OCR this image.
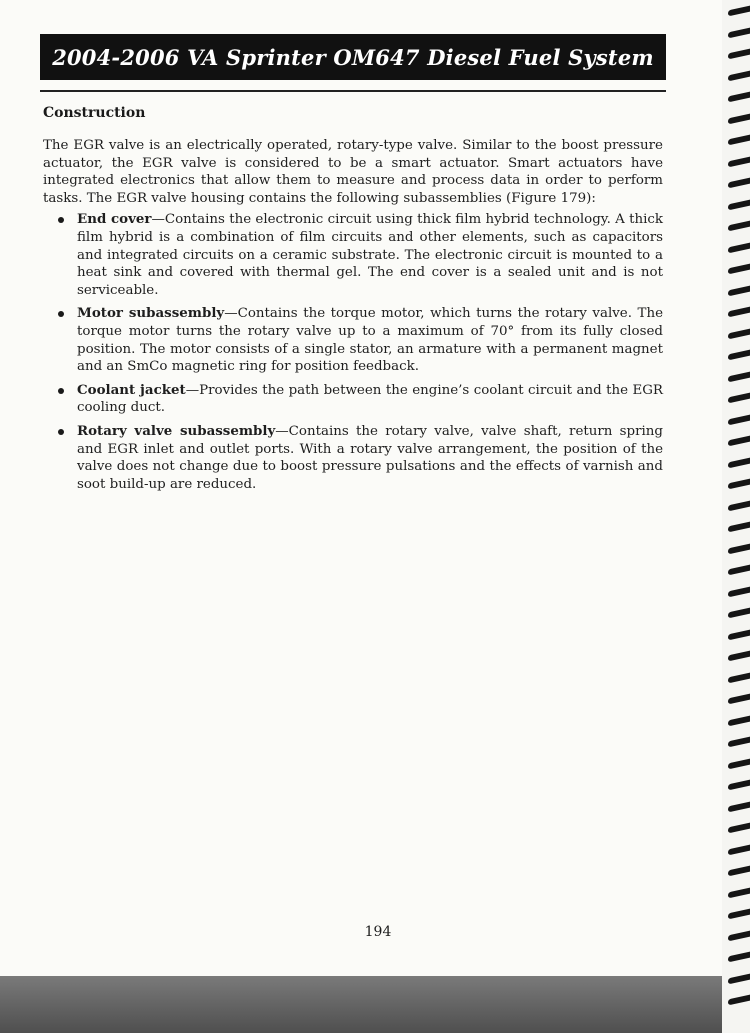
2004-2006 VA Sprinter OM647 Diesel Fuel System
Construction

The EGR valve is an electrically operated, rotary-type valve. Similar to the boost pressure actuator, the EGR valve is considered to be a smart actuator. Smart actuators have integrated electronics that allow them to measure and process data in order to perform tasks. The EGR valve housing contains the following subassemblies (Figure 179):

End cover—Contains the electronic circuit using thick film hybrid technology. A thick film hybrid is a combination of film circuits and other elements, such as capacitors and integrated circuits on a ceramic substrate. The electronic circuit is mounted to a heat sink and covered with thermal gel. The end cover is a sealed unit and is not serviceable.
Motor subassembly—Contains the torque motor, which turns the rotary valve. The torque motor turns the rotary valve up to a maximum of 70° from its fully closed position. The motor consists of a single stator, an armature with a permanent magnet and an SmCo magnetic ring for position feedback.
Coolant jacket—Provides the path between the engine’s coolant circuit and the EGR cooling duct.
Rotary valve subassembly—Contains the rotary valve, valve shaft, return spring and EGR inlet and outlet ports. With a rotary valve arrangement, the position of the valve does not change due to boost pressure pulsations and the effects of varnish and soot build-up are reduced.
194
